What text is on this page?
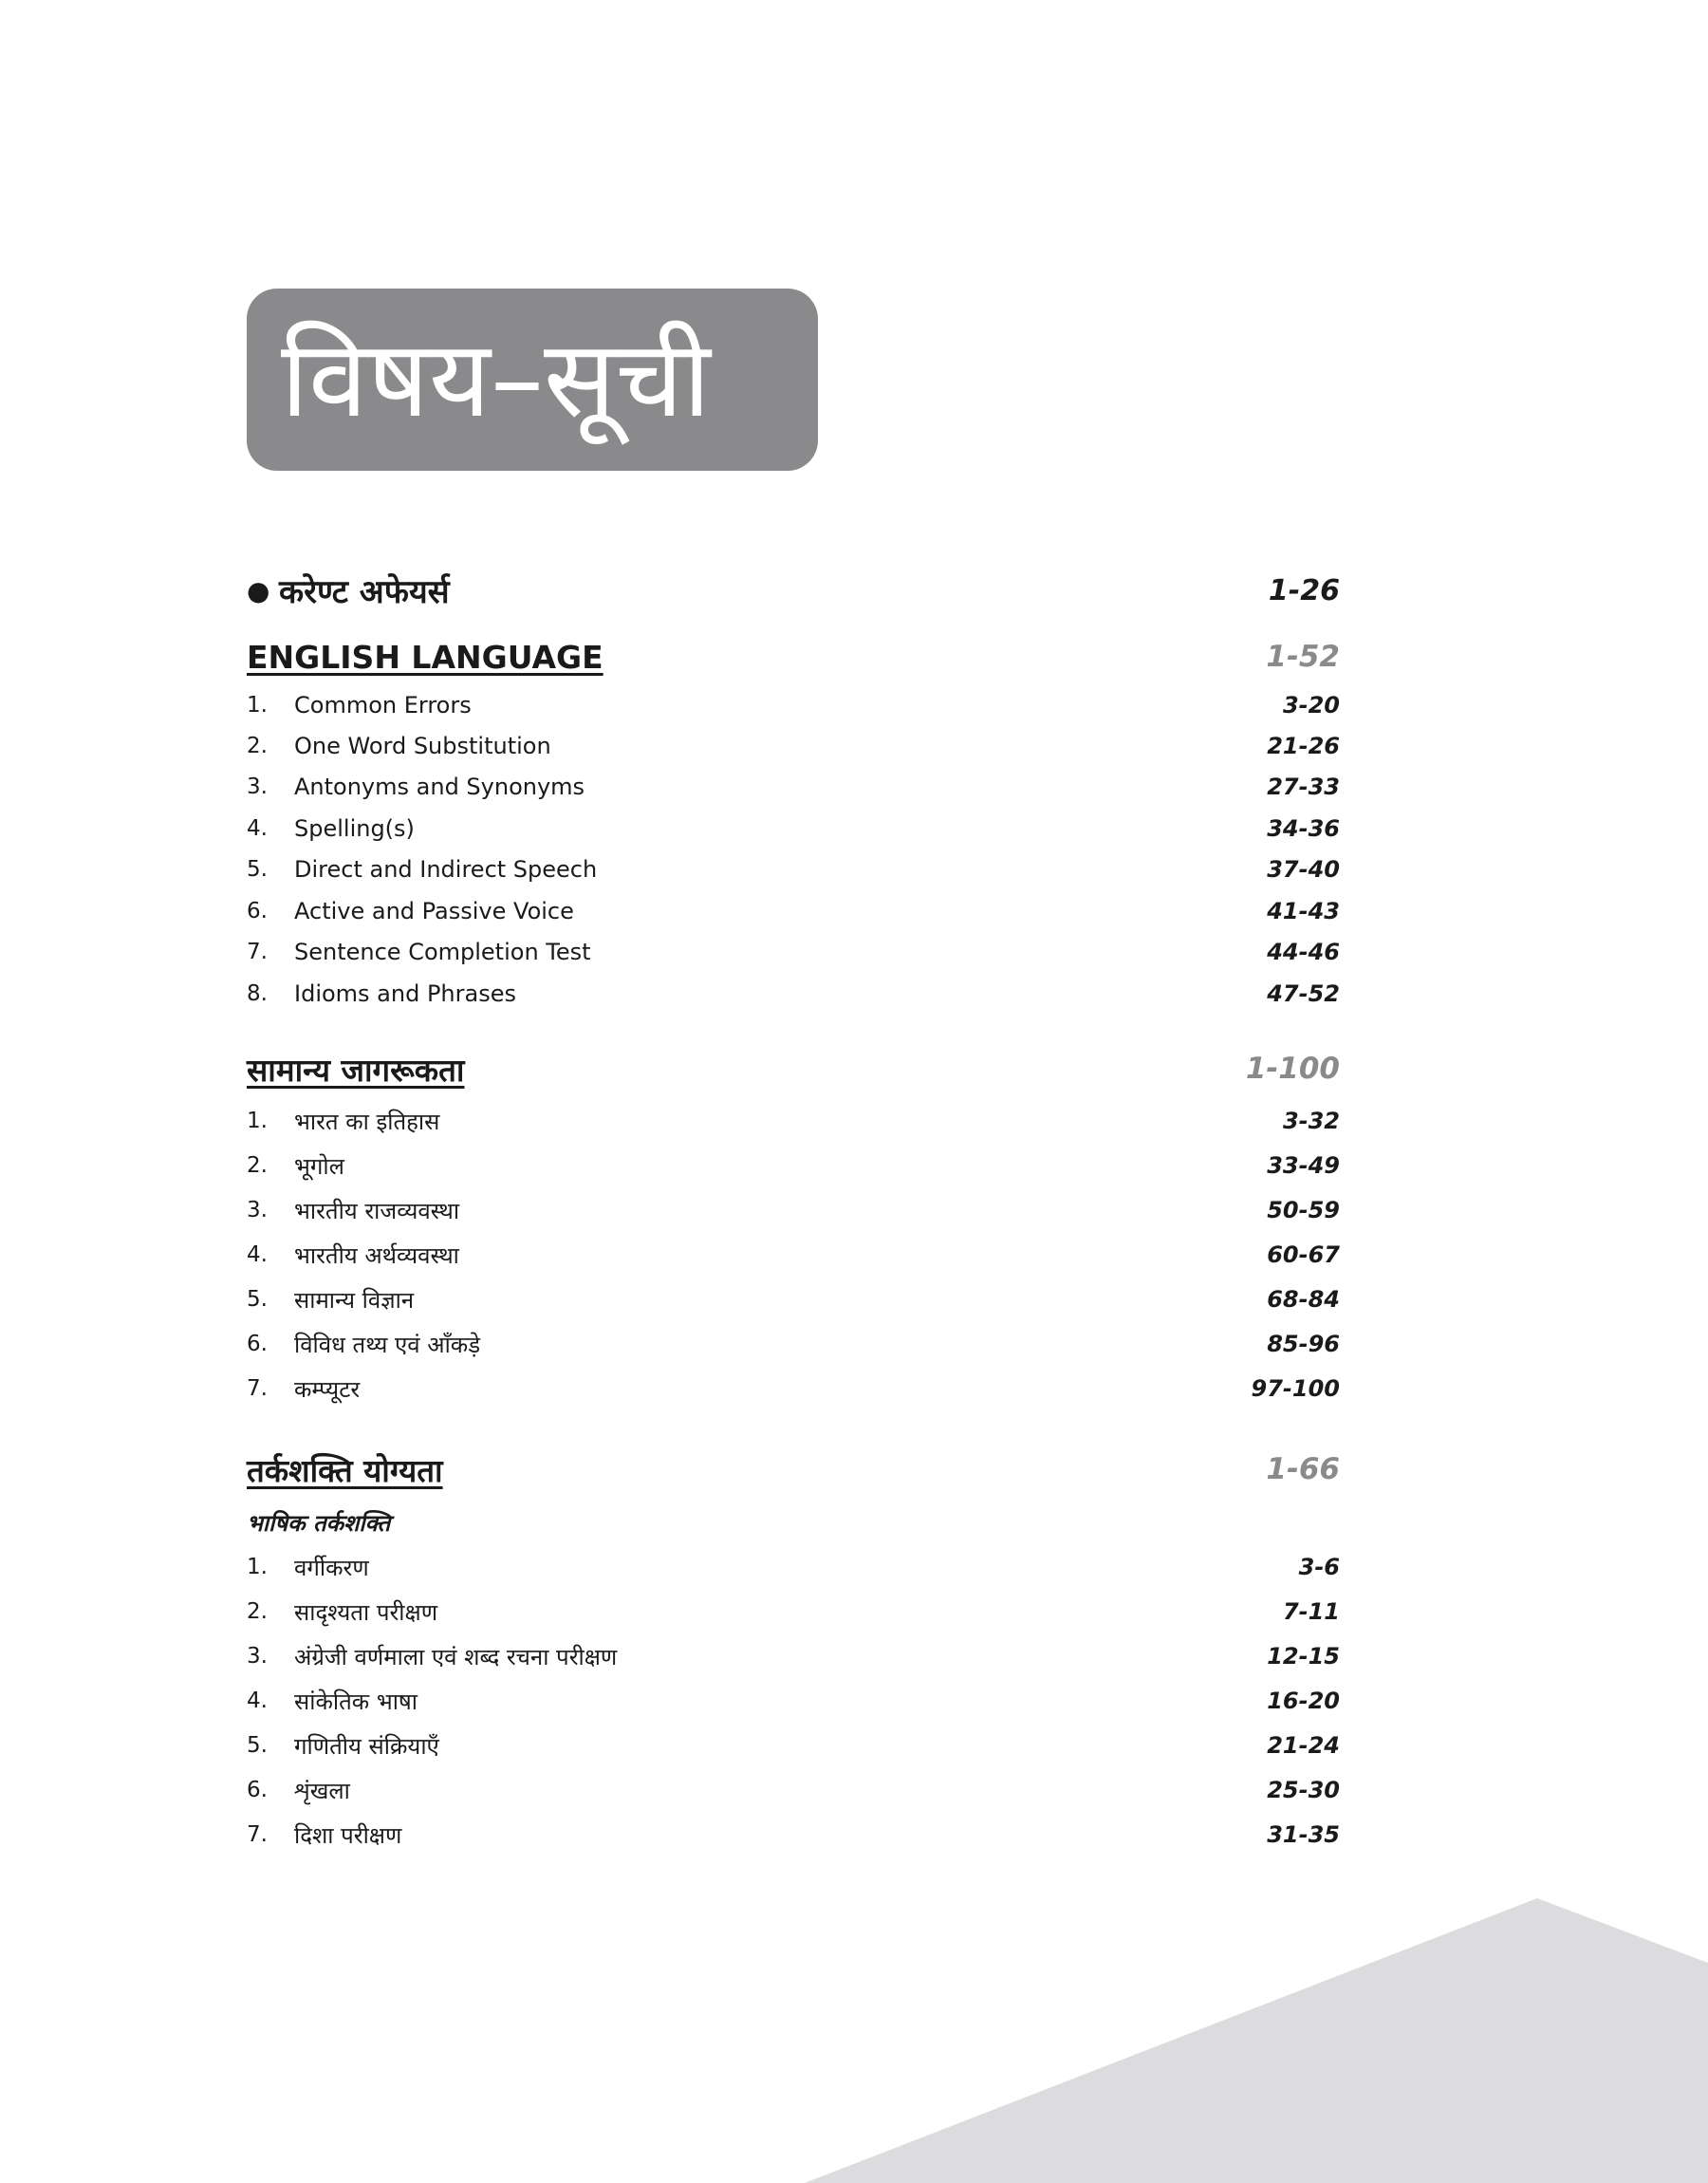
विषय–सूची
● करेण्ट अफेयर्स	1-26
ENGLISH LANGUAGE	1-52
1.	Common Errors	3-20
2.	One Word Substitution	21-26
3.	Antonyms and Synonyms	27-33
4.	Spelling(s)	34-36
5.	Direct and Indirect Speech	37-40
6.	Active and Passive Voice	41-43
7.	Sentence Completion Test	44-46
8.	Idioms and Phrases	47-52
सामान्य जागरूकता	1-100
1.	भारत का इतिहास	3-32
2.	भूगोल	33-49
3.	भारतीय राजव्यवस्था	50-59
4.	भारतीय अर्थव्यवस्था	60-67
5.	सामान्य विज्ञान	68-84
6.	विविध तथ्य एवं आँकड़े	85-96
7.	कम्प्यूटर	97-100
तर्कशक्ति योग्यता	1-66
भाषिक तर्कशक्ति
1.	वर्गीकरण	3-6
2.	सादृश्यता परीक्षण	7-11
3.	अंग्रेजी वर्णमाला एवं शब्द रचना परीक्षण	12-15
4.	सांकेतिक भाषा	16-20
5.	गणितीय संक्रियाएँ	21-24
6.	शृंखला	25-30
7.	दिशा परीक्षण	31-35
